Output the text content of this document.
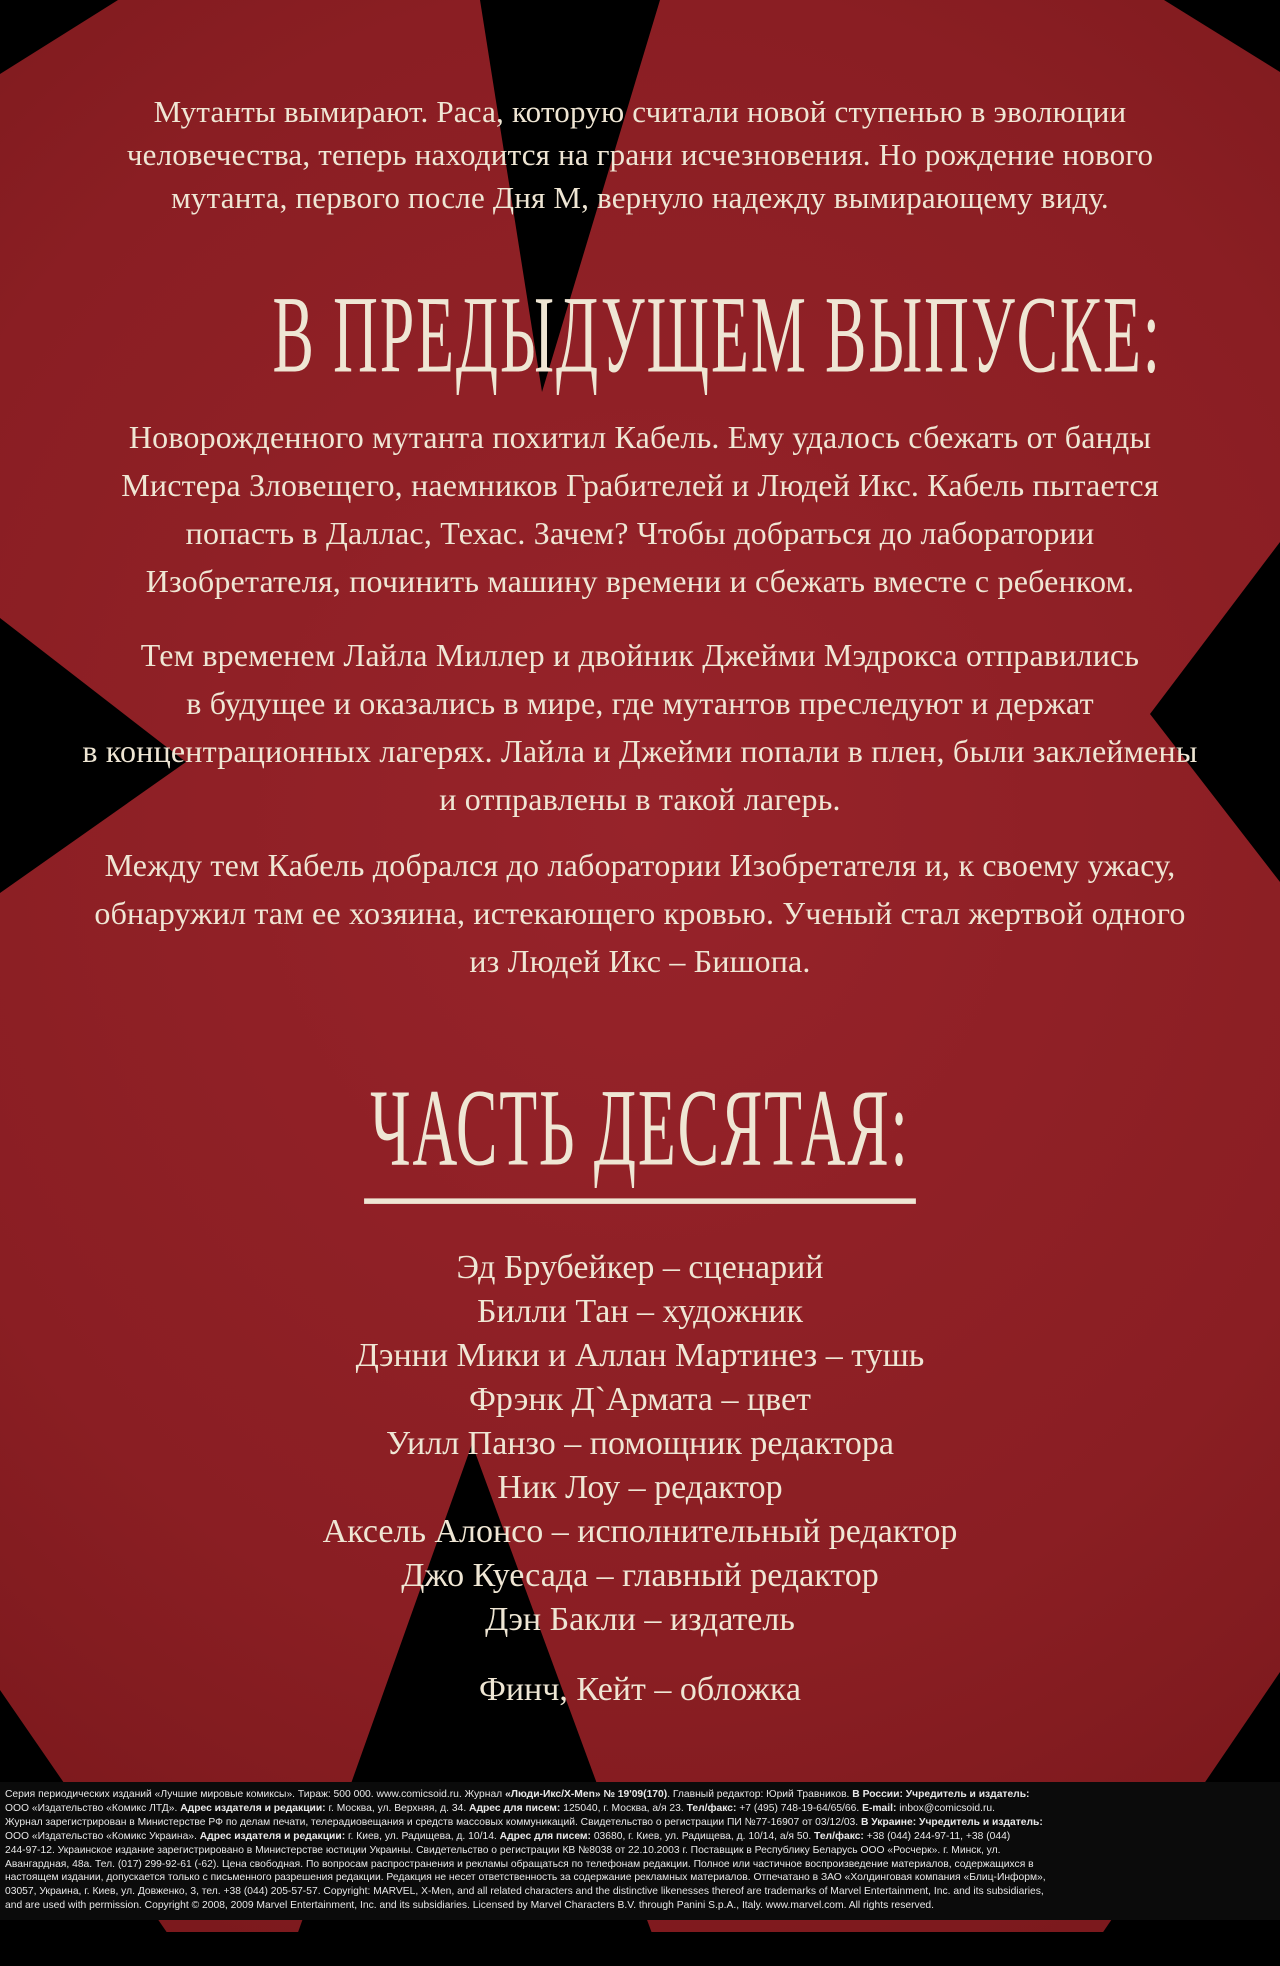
Мутанты вымирают. Раса, которую считали новой ступенью в эволюции
человечества, теперь находится на грани исчезновения. Но рождение нового
мутанта, первого после Дня М, вернуло надежду вымирающему виду.
В ПРЕДЫДУЩЕМ ВЫПУСКЕ:
Новорожденного мутанта похитил Кабель. Ему удалось сбежать от банды
Мистера Зловещего, наемников Грабителей и Людей Икс. Кабель пытается
попасть в Даллас, Техас. Зачем? Чтобы добраться до лаборатории
Изобретателя, починить машину времени и сбежать вместе с ребенком.
Тем временем Лайла Миллер и двойник Джейми Мэдрокса отправились
в будущее и оказались в мире, где мутантов преследуют и держат
в концентрационных лагерях. Лайла и Джейми попали в плен, были заклеймены
и отправлены в такой лагерь.
Между тем Кабель добрался до лаборатории Изобретателя и, к своему ужасу,
обнаружил там ее хозяина, истекающего кровью. Ученый стал жертвой одного
из Людей Икс – Бишопа.
ЧАСТЬ ДЕСЯТАЯ:
Эд Брубейкер – сценарий
Билли Тан – художник
Дэнни Мики и Аллан Мартинез – тушь
Фрэнк Д`Армата – цвет
Уилл Панзо – помощник редактора
Ник Лоу – редактор
Аксель Алонсо – исполнительный редактор
Джо Куесада – главный редактор
Дэн Бакли – издатель
Финч, Кейт – обложка
Серия периодических изданий «Лучшие мировые комиксы». Тираж: 500 000. www.comicsoid.ru. Журнал «Люди-Икс/X-Men» № 19'09(170). Главный редактор: Юрий Травников. В России: Учредитель и издатель:
ООО «Издательство «Комикс ЛТД». Адрес издателя и редакции: г. Москва, ул. Верхняя, д. 34. Адрес для писем: 125040, г. Москва, а/я 23. Тел/факс: +7 (495) 748-19-64/65/66. E-mail: inbox@comicsoid.ru.
Журнал зарегистрирован в Министерстве РФ по делам печати, телерадиовещания и средств массовых коммуникаций. Свидетельство о регистрации ПИ №77-16907 от 03/12/03. В Украине: Учредитель и издатель:
ООО «Издательство «Комикс Украина». Адрес издателя и редакции: г. Киев, ул. Радищева, д. 10/14. Адрес для писем: 03680, г. Киев, ул. Радищева, д. 10/14, а/я 50. Тел/факс: +38 (044) 244-97-11, +38 (044)
244-97-12. Украинское издание зарегистрировано в Министерстве юстиции Украины. Свидетельство о регистрации КВ №8038 от 22.10.2003 г. Поставщик в Республику Беларусь ООО «Росчерк». г. Минск, ул.
Авангардная, 48а. Тел. (017) 299-92-61 (-62). Цена свободная. По вопросам распространения и рекламы обращаться по телефонам редакции. Полное или частичное воспроизведение материалов, содержащихся в
настоящем издании, допускается только с письменного разрешения редакции. Редакция не несет ответственность за содержание рекламных материалов. Отпечатано в ЗАО «Холдинговая компания «Блиц-Информ»,
03057, Украина, г. Киев, ул. Довженко, 3, тел. +38 (044) 205-57-57. Copyright: MARVEL, X-Men, and all related characters and the distinctive likenesses thereof are trademarks of Marvel Entertainment, Inc. and its subsidiaries,
and are used with permission. Copyright © 2008, 2009 Marvel Entertainment, Inc. and its subsidiaries. Licensed by Marvel Characters B.V. through Panini S.p.A., Italy. www.marvel.com. All rights reserved.
